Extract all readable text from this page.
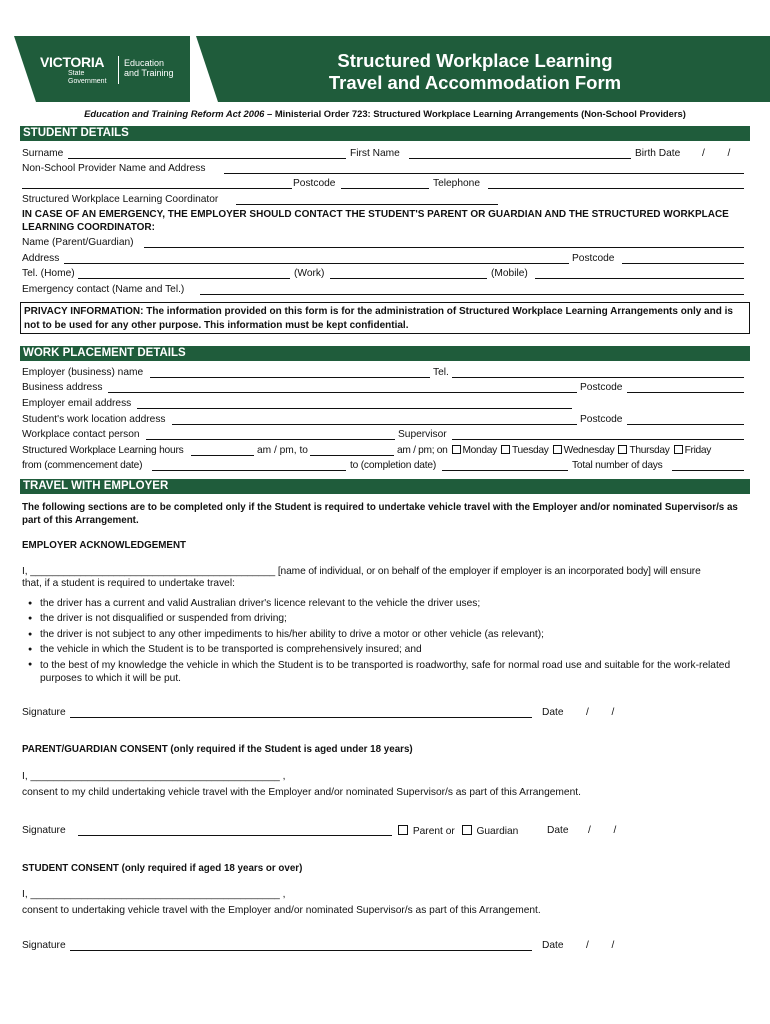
VICTORIA
State
Government
Education
and Training
Structured Workplace Learning
Travel and Accommodation Form
Education and Training Reform Act 2006 – Ministerial Order 723: Structured Workplace Learning Arrangements (Non-School Providers)
STUDENT DETAILS
Surname	First Name	Birth Date /        /
Non-School Provider Name and Address
Postcode	Telephone
Structured Workplace Learning Coordinator
IN CASE OF AN EMERGENCY, THE EMPLOYER SHOULD CONTACT THE STUDENT'S PARENT OR GUARDIAN AND THE STRUCTURED WORKPLACE LEARNING COORDINATOR:
Name (Parent/Guardian)
Address	Postcode
Tel. (Home)	(Work)	(Mobile)
Emergency contact (Name and Tel.)
PRIVACY INFORMATION: The information provided on this form is for the administration of Structured Workplace Learning Arrangements only and is not to be used for any other purpose. This information must be kept confidential.
WORK PLACEMENT DETAILS
Employer (business) name	Tel.
Business address	Postcode
Employer email address
Student's work location address	Postcode
Workplace contact person	Supervisor
Structured Workplace Learning hours	am / pm, to	am / pm; on Monday Tuesday Wednesday Thursday Friday
from (commencement date)	to (completion date)	Total number of days
TRAVEL WITH EMPLOYER
The following sections are to be completed only if the Student is required to undertake vehicle travel with the Employer and/or nominated Supervisor/s as part of this Arrangement.
EMPLOYER ACKNOWLEDGEMENT
I, ____________________________________________ [name of individual, or on behalf of the employer if employer is an incorporated body] will ensure
that, if a student is required to undertake travel:
● the driver has a current and valid Australian driver's licence relevant to the vehicle the driver uses;
● the driver is not disqualified or suspended from driving;
● the driver is not subject to any other impediments to his/her ability to drive a motor or other vehicle (as relevant);
● the vehicle in which the Student is to be transported is comprehensively insured; and
● to the best of my knowledge the vehicle in which the Student is to be transported is roadworthy, safe for normal road use and suitable for the work-related purposes to which it will be put.
Signature	Date /        /
PARENT/GUARDIAN CONSENT (only required if the Student is aged under 18 years)
I, ____________________________________________ ,
consent to my child undertaking vehicle travel with the Employer and/or nominated Supervisor/s as part of this Arrangement.
Signature	Parent or Guardian	Date /        /
STUDENT CONSENT (only required if aged 18 years or over)
I, ____________________________________________ ,
consent to undertaking vehicle travel with the Employer and/or nominated Supervisor/s as part of this Arrangement.
Signature	Date /        /
